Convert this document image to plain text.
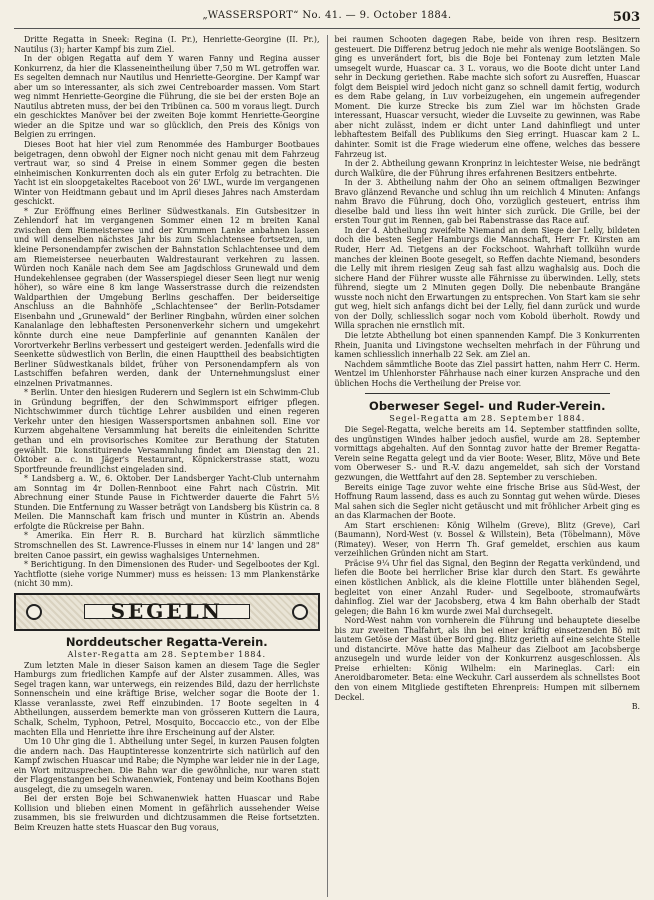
„WASSERSPORT“ No. 41. — 9. October 1884.	503

Dritte Regatta in Sneek: Regina (I. Pr.), Henriette-Georgine (II. Pr.), Nautilus (3); harter Kampf bis zum Ziel.

In der obigen Regatta auf dem Y waren Fanny und Regina ausser Konkurrenz, da hier die Klasseneintheilung über 7,50 m WL getroffen war. Es segelten demnach nur Nautilus und Henriette-Georgine. Der Kampf war aber um so interessanter, als sich zwei Centreboarder massen. Vom Start weg nimmt Henriette-Georgine die Führung, die sie bei der ersten Boje an Nautilus abtreten muss, der bei den Tribünen ca. 500 m voraus liegt. Durch ein geschicktes Manöver bei der zweiten Boje kommt Henriette-Georgine wieder an die Spitze und war so glücklich, den Preis des Königs von Belgien zu erringen.

Dieses Boot hat hier viel zum Renommée des Hamburger Bootbaues beigetragen, denn obwohl der Eigner noch nicht genau mit dem Fahrzeug vertraut war, so sind 4 Preise in einem Sommer gegen die besten einheimischen Konkurrenten doch als ein guter Erfolg zu betrachten. Die Yacht ist ein sloopgetakeltes Raceboot von 26' LWL, wurde im vergangenen Winter von Heidtmann gebaut und im April dieses Jahres nach Amsterdam geschickt.

* Zur Eröffnung eines Berliner Südwestkanals. Ein Gutsbesitzer in Zehlendorf hat im vergangenen Sommer einen 12 m breiten Kanal zwischen dem Riemeistersee und der Krummen Lanke anbahnen lassen und will denselben nächstes Jahr bis zum Schlachtensee fortsetzen, um kleine Personendampfer zwischen der Bahnstation Schlachtensee und dem am Riemeistersee neuerbauten Waldrestaurant verkehren zu lassen. Würden noch Kanäle nach dem See am Jagdschloss Grunewald und dem Hundekehlensee gegraben (der Wasserspiegel dieser Seen liegt nur wenig höher), so wäre eine 8 km lange Wasserstrasse durch die reizendsten Waldparthien der Umgebung Berlins geschaffen. Der beiderseitige Anschluss an die Bahnhöfe „Schlachtensee“ der Berlin-Potsdamer Eisenbahn und „Grunewald“ der Berliner Ringbahn, würden einer solchen Kanalanlage den lebhaftesten Personenverkehr sichern und umgekehrt könnte durch eine neue Dampferlinie auf genannten Kanälen der Vorortverkehr Berlins verbessert und gesteigert werden. Jedenfalls wird die Seenkette südwestlich von Berlin, die einen Haupttheil des beabsichtigten Berliner Südwestkanals bildet, früher von Personendampfern als von Lastschiffen befahren werden, dank der Unternehmungslust einer einzelnen Privatmannes.

* Berlin. Unter den hiesigen Ruderern und Seglern ist ein Schwimm-Club in Gründung begriffen, der den Schwimmsport eifriger pflegen. Nichtschwimmer durch tüchtige Lehrer ausbilden und einen regeren Verkehr unter den hiesigen Wassersportsmen anbahnen soll. Eine vor Kurzem abgehaltene Versammlung hat bereits die einleitenden Schritte gethan und ein provisorisches Komitee zur Berathung der Statuten gewählt. Die konstituirende Versammlung findet am Dienstag den 21. Oktober a. c. in Jäger's Restaurant, Köpnickerstrasse statt, wozu Sportfreunde freundlichst eingeladen sind.

* Landsberg a. W., 6. Oktober. Der Landsberger Yacht-Club unternahm am Sonntag im 4r Dollen-Rennboot eine Fahrt nach Cüstrin. Mit Abrechnung einer Stunde Pause in Fichtwerder dauerte die Fahrt 5½ Stunden. Die Entfernung zu Wasser beträgt von Landsberg bis Küstrin ca. 8 Meilen. Die Mannschaft kam frisch und munter in Küstrin an. Abends erfolgte die Rückreise per Bahn.

* Amerika. Ein Herr R. B. Burchard hat kürzlich sämmtliche Stromschnellen des St. Lawrence-Flusses in einem nur 14' langen und 28" breiten Canoe passirt, ein gewiss waghalsiges Unternehmen.

* Berichtigung. In den Dimensionen des Ruder- und Segelbootes der Kgl. Yachtflotte (siehe vorige Nummer) muss es heissen: 13 mm Plankenstärke (nicht 30 mm).

SEGELN
Norddeutscher Regatta-Verein.
Alster-Regatta am 28. September 1884.

Zum letzten Male in dieser Saison kamen an diesem Tage die Segler Hamburgs zum friedlichen Kampfe auf der Alster zusammen. Alles, was Segel tragen kann, war unterwegs, ein reizendes Bild, dazu der herrlichste Sonnenschein und eine kräftige Brise, welcher sogar die Boote der 1. Klasse veranlasste, zwei Reff einzubinden. 17 Boote segelten in 4 Abtheilungen, ausserdem bemerkte man von grösseren Kuttern die Laura, Schalk, Schelm, Typhoon, Petrel, Mosquito, Boccaccio etc., von der Elbe machten Ella und Henriette ihre ihre Erscheinung auf der Alster.

Um 10 Uhr ging die 1. Abtheilung unter Segel, in kurzen Pausen folgten die andern nach. Das Hauptinteresse konzentrirte sich natürlich auf den Kampf zwischen Huascar und Rabe; die Nymphe war leider nie in der Lage, ein Wort mitzusprechen. Die Bahn war die gewöhnliche, nur waren statt der Flaggenstangen bei Schwanenwiek, Fontenay und beim Koothans Bojen ausgelegt, die zu umsegeln waren.

Bei der ersten Boje bei Schwanenwiek hatten Huascar und Rabe Kollision und blieben einen Moment in gefährlich aussehender Weise zusammen, bis sie freiwurden und dichtzusammen die Reise fortsetzten. Beim Kreuzen hatte stets Huascar den Bug voraus,

bei raumen Schooten dagegen Rabe, beide von ihren resp. Besitzern gesteuert. Die Differenz betrug jedoch nie mehr als wenige Bootslängen. So ging es unverändert fort, bis die Boje bei Fontenay zum letzten Male umsegelt wurde, Huascar ca. 3 L. voraus, wo die Boote dicht unter Land sehr in Deckung geriethen. Rabe machte sich sofort zu Ausreffen, Huascar folgt dem Beispiel wird jedoch nicht ganz so schnell damit fertig, wodurch es dem Rabe gelang, in Luv vorbeizugehen, ein ungemein aufregender Moment. Die kurze Strecke bis zum Ziel war im höchsten Grade interessant, Huascar versucht, wieder die Luvseite zu gewinnen, was Rabe aber nicht zulässt, indem er dicht unter Land dahinfliegt und unter lebhaftestem Beifall des Publikums den Sieg erringt. Huascar kam 2 L. dahinter. Somit ist die Frage wiederum eine offene, welches das bessere Fahrzeug ist.

In der 2. Abtheilung gewann Kronprinz in leichtester Weise, nie bedrängt durch Walküre, die der Führung ihres erfahrenen Besitzers entbehrte.

In der 3. Abtheilung nahm der Oho an seinem oftmaligen Bezwinger Bravo glänzend Revanche und schlug ihn um reichlich 4 Minuten: Anfangs nahm Bravo die Führung, doch Oho, vorzüglich gesteuert, entriss ihm dieselbe bald und liess ihn weit hinter sich zurück. Die Grille, bei der ersten Tour gut im Rennen, gab bei Rabenstrasse das Race auf.

In der 4. Abtheilung zweifelte Niemand an dem Siege der Lelly, bildeten doch die besten Segler Hamburgs die Mannschaft, Herr Fr. Kirsten am Ruder, Herr Ad. Tietgens an der Fockschoot. Wahrhaft tollkühn wurde manches der kleinen Boote gesegelt, so Reffen dachte Niemand, besonders die Lelly mit ihrem riesigen Zeug sah fast allzu waghalsig aus. Doch die sichere Hand der Führer wusste alle Fährnisse zu überwinden. Lelly, stets führend, siegte um 2 Minuten gegen Dolly. Die nebenbaute Brangäne wusste noch nicht den Erwartungen zu entsprechen. Von Start kam sie sehr gut weg, hielt sich anfangs dicht bei der Lelly, fiel dann zurück und wurde von der Dolly, schliesslich sogar noch vom Kobold überholt. Rowdy und Willa sprachen nie ernstlich mit.

Die letzte Abtheilung bot einen spannenden Kampf. Die 3 Konkurrenten Rhein, Juanita und Livingstone wechselten mehrfach in der Führung und kamen schliesslich innerhalb 22 Sek. am Ziel an.

Nachdem sämmtliche Boote das Ziel passirt hatten, nahm Herr C. Herm. Wentzel im Uhlenhorster Fährhause nach einer kurzen Ansprache und den üblichen Hochs die Vertheilung der Preise vor.

Oberweser Segel- und Ruder-Verein.
Segel-Regatta am 28. September 1884.

Die Segel-Regatta, welche bereits am 14. September stattfinden sollte, des ungünstigen Windes halber jedoch ausfiel, wurde am 28. September vormittags abgehalten. Auf den Sonntag zuvor hatte der Bremer Regatta-Verein seine Regatta gelegt und da vier Boote: Weser, Blitz, Möve und Bete vom Oberweser S.- und R.-V. dazu angemeldet, sah sich der Vorstand gezwungen, die Wettfahrt auf den 28. September zu verschieben.

Bereits einige Tage zuvor wehte eine frische Brise aus Süd-West, der Hoffnung Raum lassend, dass es auch zu Sonntag gut wehen würde. Dieses Mal sahen sich die Segler nicht getäuscht und mit fröhlicher Arbeit ging es an das Klarmachen der Boote.

Am Start erschienen: König Wilhelm (Greve), Blitz (Greve), Carl (Baumann), Nord-West (v. Bossel & Willstein), Beta (Töbelmann), Möve (Rimatey). Weser, von Herrn Th. Graf gemeldet, erschien aus kaum verzeihlichen Gründen nicht am Start.

Präcise 9¼ Uhr fiel das Signal, den Beginn der Regatta verkündend, und liefen die Boote bei herrlicher Brise klar durch den Start. Es gewährte einen köstlichen Anblick, als die kleine Flottille unter blähenden Segel, begleitet von einer Anzahl Ruder- und Segelboote, stromaufwärts dahinflog. Ziel war der Jacobsberg, etwa 4 km Bahn oberhalb der Stadt gelegen; die Bahn 16 km wurde zwei Mal durchsegelt.

Nord-West nahm von vornherein die Führung und behauptete dieselbe bis zur zweiten Thalfahrt, als ihn bei einer kräftig einsetzenden Bö mit lautem Getöse der Mast über Bord ging. Blitz gerieth auf eine seichte Stelle und distancirte. Möve hatte das Malheur das Zielboot am Jacobsberge anzusegeln und wurde leider von der Konkurrenz ausgeschlossen. Als Preise erhielten: König Wilhelm: ein Marineglas. Carl: ein Aneroidbarometer. Beta: eine Weckuhr. Carl ausserdem als schnellstes Boot den von einem Mitgliede gestifteten Ehrenpreis: Humpen mit silbernem Deckel.

B.
